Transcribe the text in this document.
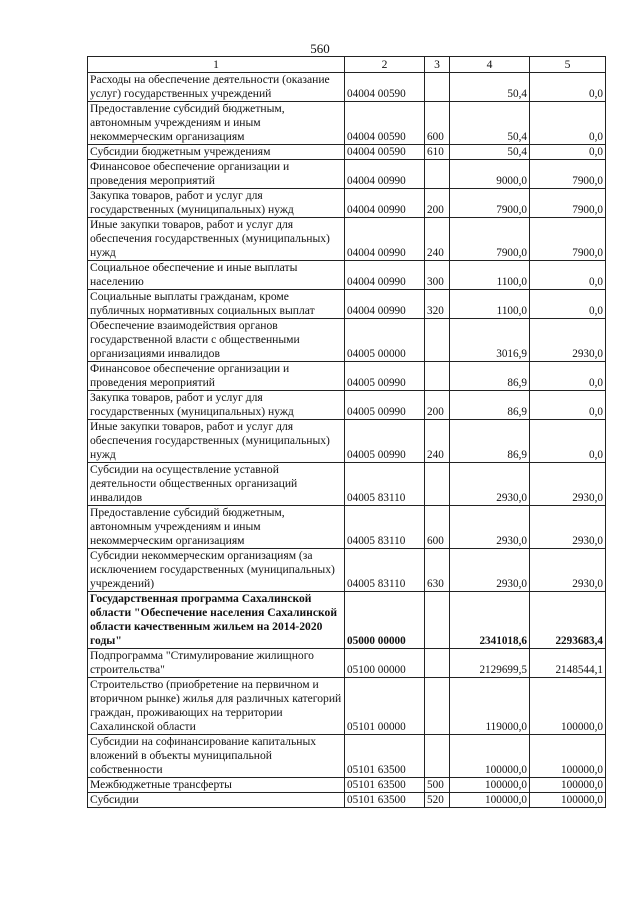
560
1	2	3	4	5
Расходы на обеспечение деятельности (оказание услуг) государственных учреждений	04004 00590		50,4	0,0
Предоставление субсидий бюджетным, автономным учреждениям и иным некоммерческим организациям	04004 00590	600	50,4	0,0
Субсидии бюджетным учреждениям	04004 00590	610	50,4	0,0
Финансовое обеспечение организации и проведения мероприятий	04004 00990		9000,0	7900,0
Закупка товаров, работ и услуг для государственных (муниципальных) нужд	04004 00990	200	7900,0	7900,0
Иные закупки товаров, работ и услуг для обеспечения государственных (муниципальных) нужд	04004 00990	240	7900,0	7900,0
Социальное обеспечение и иные выплаты населению	04004 00990	300	1100,0	0,0
Социальные выплаты гражданам, кроме публичных нормативных социальных выплат	04004 00990	320	1100,0	0,0
Обеспечение взаимодействия органов государственной власти с общественными организациями инвалидов	04005 00000		3016,9	2930,0
Финансовое обеспечение организации и проведения мероприятий	04005 00990		86,9	0,0
Закупка товаров, работ и услуг для государственных (муниципальных) нужд	04005 00990	200	86,9	0,0
Иные закупки товаров, работ и услуг для обеспечения государственных (муниципальных) нужд	04005 00990	240	86,9	0,0
Субсидии на осуществление уставной деятельности общественных организаций инвалидов	04005 83110		2930,0	2930,0
Предоставление субсидий бюджетным, автономным учреждениям и иным некоммерческим организациям	04005 83110	600	2930,0	2930,0
Субсидии некоммерческим организациям (за исключением государственных (муниципальных) учреждений)	04005 83110	630	2930,0	2930,0
Государственная программа Сахалинской области "Обеспечение населения Сахалинской области качественным жильем на 2014-2020 годы"	05000 00000		2341018,6	2293683,4
Подпрограмма "Стимулирование жилищного строительства"	05100 00000		2129699,5	2148544,1
Строительство (приобретение на первичном и вторичном рынке) жилья для различных категорий граждан, проживающих на территории Сахалинской области	05101 00000		119000,0	100000,0
Субсидии на софинансирование капитальных вложений в объекты муниципальной собственности	05101 63500		100000,0	100000,0
Межбюджетные трансферты	05101 63500	500	100000,0	100000,0
Субсидии	05101 63500	520	100000,0	100000,0
